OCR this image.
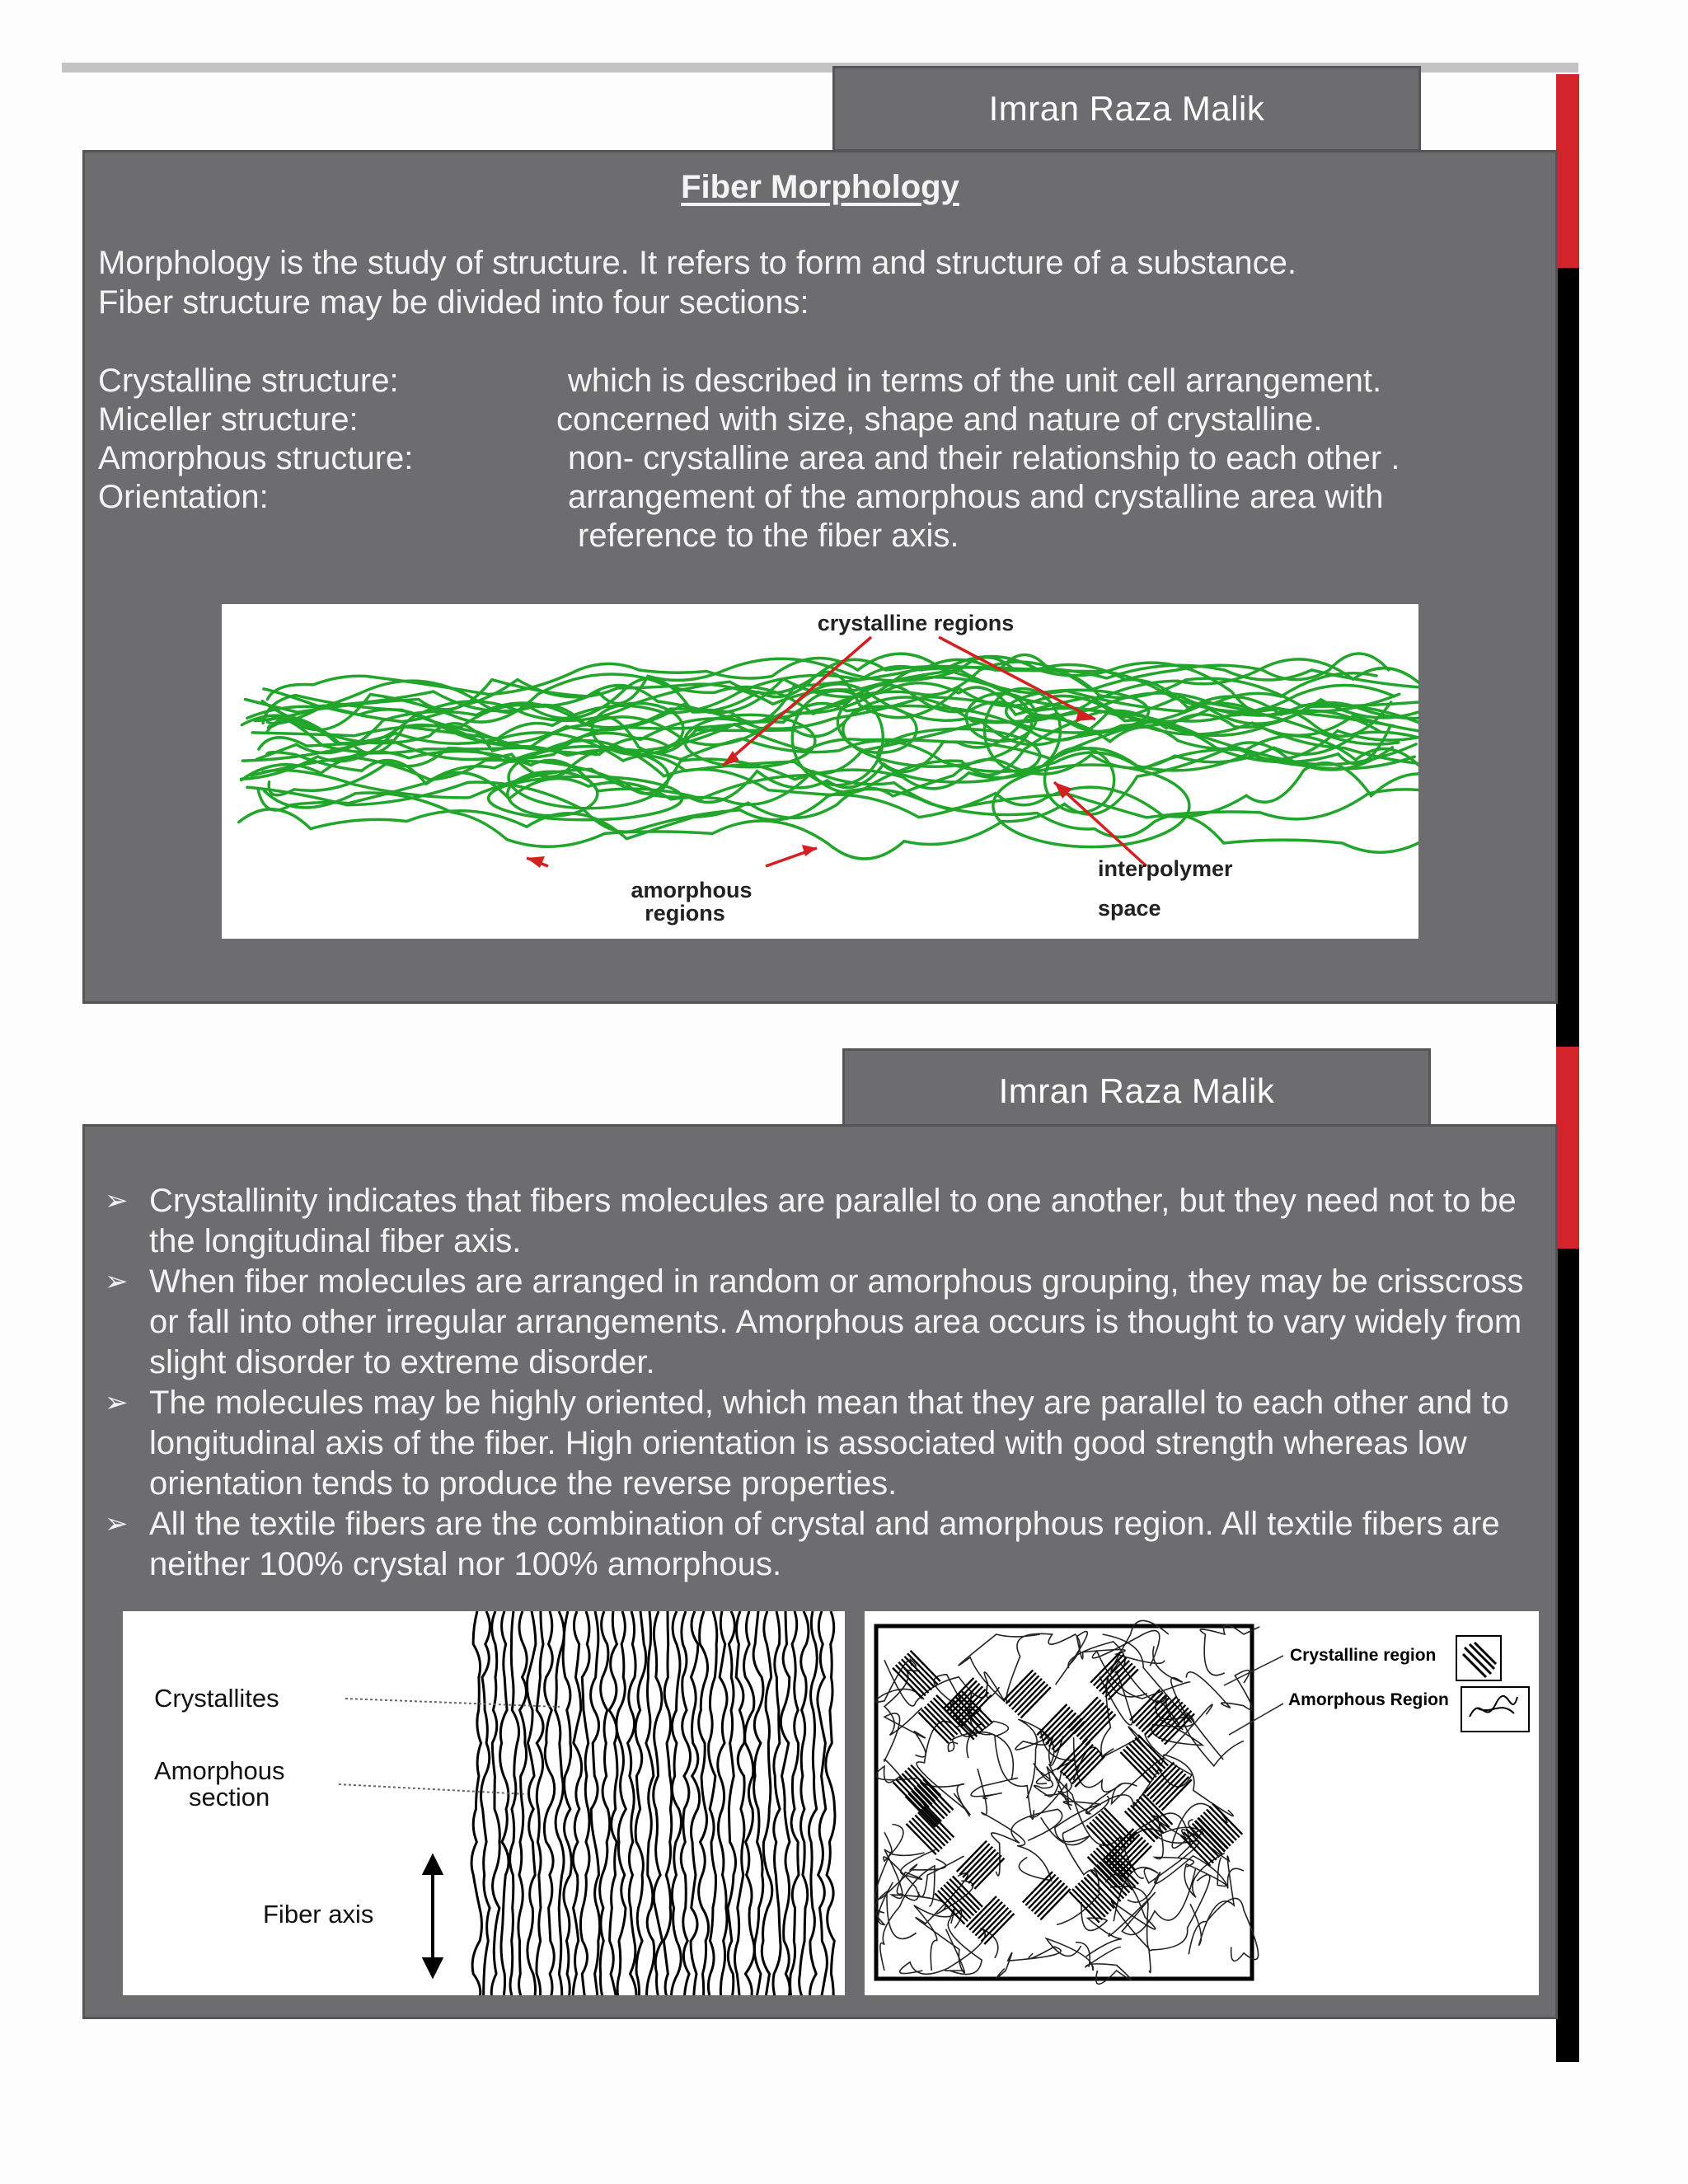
Imran Raza Malik
Fiber Morphology
Morphology is the study of structure. It refers to form and structure of a substance.
Fiber structure may be divided into four sections:
Crystalline structure:	which is described in terms of the unit cell arrangement.
Miceller structure:	concerned with size, shape and nature of crystalline.
Amorphous structure:	non- crystalline area and their relationship to each other .
Orientation:	arrangement of the amorphous and crystalline area with
reference to the fiber axis.
crystalline regions
amorphous
regions
interpolymer
space
Imran Raza Malik
➢ Crystallinity indicates that fibers molecules are parallel to one another, but they need not to be the longitudinal fiber axis.
➢ When fiber molecules are arranged in random or amorphous grouping, they may be crisscross or fall into other irregular arrangements. Amorphous area occurs is thought to vary widely from slight disorder to extreme disorder.
➢ The molecules may be highly oriented, which mean that they are parallel to each other and to longitudinal axis of the fiber. High orientation is associated with good strength whereas low orientation tends to produce the reverse properties.
➢ All the textile fibers are the combination of crystal and amorphous region. All textile fibers are neither 100% crystal nor 100% amorphous.
Crystallites
Amorphous
section
Fiber axis
Crystalline region
Amorphous Region
